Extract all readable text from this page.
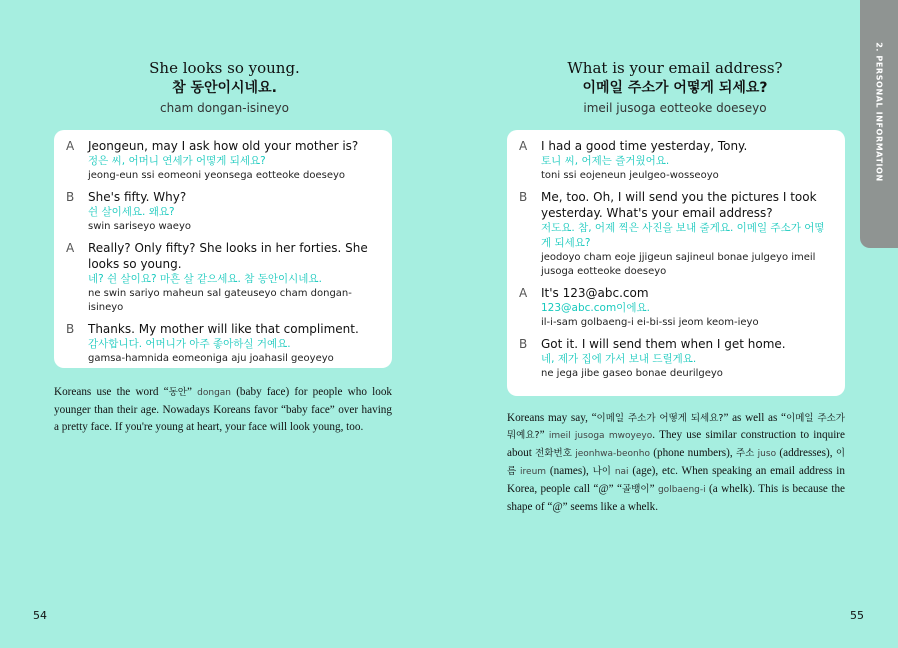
She looks so young.
참 동안이시네요.
cham dongan-isineyo
A Jeongeun, may I ask how old your mother is?
정은 씨, 어머니 연세가 어떻게 되세요?
jeong-eun ssi eomeoni yeonsega eotteoke doeseyo
B She's fifty. Why?
쉰 살이세요. 왜요?
swin sariseyo waeyo
A Really? Only fifty? She looks in her forties. She looks so young.
네? 쉰 살이요? 마흔 살 같으세요. 참 동안이시네요.
ne swin sariyo maheun sal gateuseyo cham dongan-isineyo
B Thanks. My mother will like that compliment.
감사합니다. 어머니가 아주 좋아하실 거예요.
gamsa-hamnida eomeoniga aju joahasil geoyeyo
Koreans use the word “동안” dongan (baby face) for people who look younger than their age. Nowadays Koreans favor “baby face” over having a pretty face. If you're young at heart, your face will look young, too.
54
What is your email address?
이메일 주소가 어떻게 되세요?
imeil jusoga eotteoke doeseyo
A I had a good time yesterday, Tony.
토니 씨, 어제는 즐거웠어요.
toni ssi eojeneun jeulgeo-wosseoyo
B Me, too. Oh, I will send you the pictures I took yesterday. What's your email address?
저도요. 참, 어제 찍은 사진을 보내 줄게요. 이메일 주소가 어떻게 되세요?
jeodoyo cham eoje jjigeun sajineul bonae julgeyo imeil jusoga eotteoke doeseyo
A It's 123@abc.com
123@abc.com이에요.
il-i-sam golbaeng-i ei-bi-ssi jeom keom-ieyo
B Got it. I will send them when I get home.
네, 제가 집에 가서 보내 드릴게요.
ne jega jibe gaseo bonae deurilgeyo
Koreans may say, “이메일 주소가 어떻게 되세요?” as well as “이메일 주소가 뭐예요?” imeil jusoga mwoyeyo. They use similar construction to inquire about 전화번호 jeonhwa-beonho (phone numbers), 주소 juso (addresses), 이름 ireum (names), 나이 nai (age), etc. When speaking an email address in Korea, people call “@” “골뱅이” golbaeng-i (a whelk). This is because the shape of “@” seems like a whelk.
55
2. PERSONAL INFORMATION
